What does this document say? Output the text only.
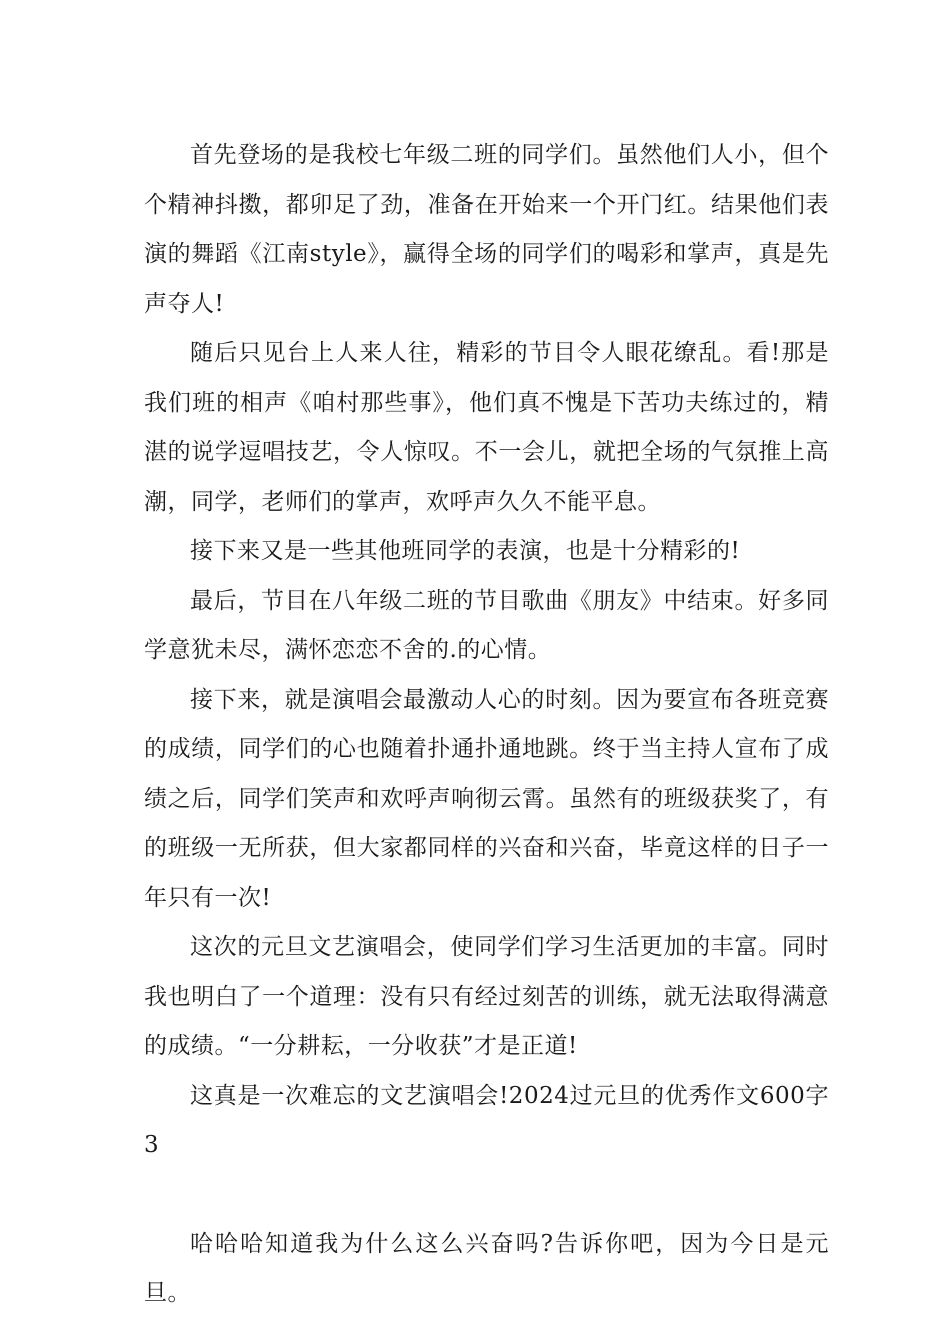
首先登场的是我校七年级二班的同学们。虽然他们人小，但个个精神抖擞，都卯足了劲，准备在开始来一个开门红。结果他们表演的舞蹈《江南style》，赢得全场的同学们的喝彩和掌声，真是先声夺人!

随后只见台上人来人往，精彩的节目令人眼花缭乱。看!那是我们班的相声《咱村那些事》，他们真不愧是下苦功夫练过的，精湛的说学逗唱技艺，令人惊叹。不一会儿，就把全场的气氛推上高潮，同学，老师们的掌声，欢呼声久久不能平息。

接下来又是一些其他班同学的表演，也是十分精彩的!

最后，节目在八年级二班的节目歌曲《朋友》中结束。好多同学意犹未尽，满怀恋恋不舍的.的心情。

接下来，就是演唱会最激动人心的时刻。因为要宣布各班竞赛的成绩，同学们的心也随着扑通扑通地跳。终于当主持人宣布了成绩之后，同学们笑声和欢呼声响彻云霄。虽然有的班级获奖了，有的班级一无所获，但大家都同样的兴奋和兴奋，毕竟这样的日子一年只有一次!

这次的元旦文艺演唱会，使同学们学习生活更加的丰富。同时我也明白了一个道理：没有只有经过刻苦的训练，就无法取得满意的成绩。“一分耕耘，一分收获”才是正道!

这真是一次难忘的文艺演唱会!2024过元旦的优秀作文600字3

哈哈哈知道我为什么这么兴奋吗?告诉你吧，因为今日是元旦。
